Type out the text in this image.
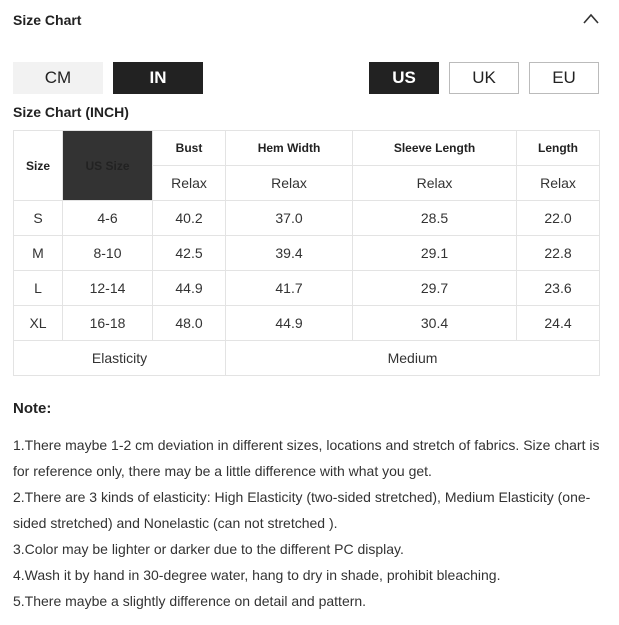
Size Chart
CM	IN	US	UK	EU
Size Chart (INCH)
Size	US Size	Bust	Hem Width	Sleeve Length	Length
		Relax	Relax	Relax	Relax
S	4-6	40.2	37.0	28.5	22.0
M	8-10	42.5	39.4	29.1	22.8
L	12-14	44.9	41.7	29.7	23.6
XL	16-18	48.0	44.9	30.4	24.4
Elasticity			Medium		
Note:

1.There maybe 1-2 cm deviation in different sizes, locations and stretch of fabrics. Size chart is for reference only, there may be a little difference with what you get.

2.There are 3 kinds of elasticity: High Elasticity (two-sided stretched), Medium Elasticity (one-sided stretched) and Nonelastic (can not stretched ).

3.Color may be lighter or darker due to the different PC display.

4.Wash it by hand in 30-degree water, hang to dry in shade, prohibit bleaching.

5.There maybe a slightly difference on detail and pattern.
